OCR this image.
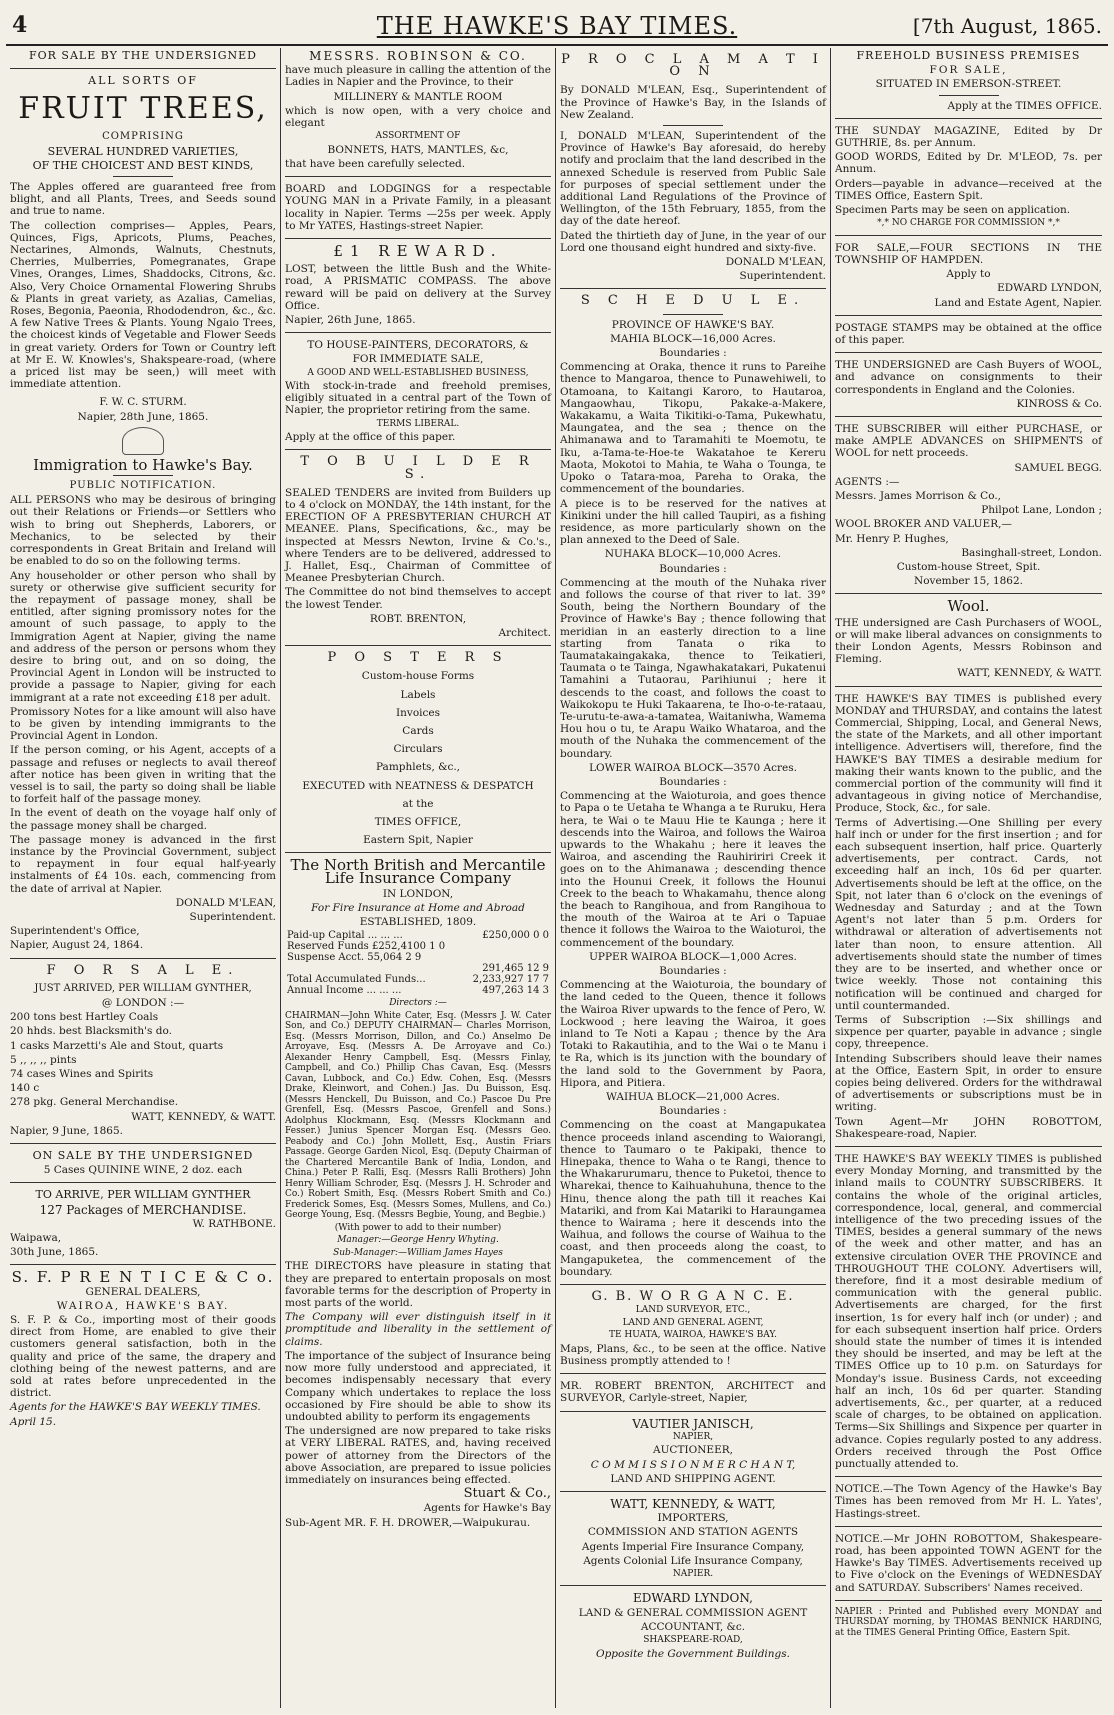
4	THE HAWKE'S BAY TIMES.	[7th August, 1865.

FOR SALE BY THE UNDERSIGNED

ALL SORTS OF

FRUIT TREES,

COMPRISING

SEVERAL HUNDRED VARIETIES,

OF THE CHOICEST AND BEST KINDS,

The Apples offered are guaranteed free from blight, and all Plants, Trees, and Seeds sound and true to name.

The collection comprises— Apples, Pears, Quinces, Figs, Apricots, Plums, Peaches, Nectarines, Almonds, Walnuts, Chestnuts, Cherries, Mulberries, Pomegranates, Grape Vines, Oranges, Limes, Shaddocks, Citrons, &c. Also, Very Choice Ornamental Flowering Shrubs & Plants in great variety, as Azalias, Camelias, Roses, Begonia, Paeonia, Rhododendron, &c., &c. A few Native Trees & Plants. Young Ngaio Trees, the choicest kinds of Vegetable and Flower Seeds in great variety. Orders for Town or Country left at Mr E. W. Knowles's, Shakspeare-road, (where a priced list may be seen,) will meet with immediate attention.

F. W. C. STURM.

Napier, 28th June, 1865.

Immigration to Hawke's Bay.

PUBLIC NOTIFICATION.

ALL PERSONS who may be desirous of bringing out their Relations or Friends—or Settlers who wish to bring out Shepherds, Laborers, or Mechanics, to be selected by their correspondents in Great Britain and Ireland will be enabled to do so on the following terms.

Any householder or other person who shall by surety or otherwise give sufficient security for the repayment of passage money, shall be entitled, after signing promissory notes for the amount of such passage, to apply to the Immigration Agent at Napier, giving the name and address of the person or persons whom they desire to bring out, and on so doing, the Provincial Agent in London will be instructed to provide a passage to Napier, giving for each immigrant at a rate not exceeding £18 per adult.

Promissory Notes for a like amount will also have to be given by intending immigrants to the Provincial Agent in London.

If the person coming, or his Agent, accepts of a passage and refuses or neglects to avail thereof after notice has been given in writing that the vessel is to sail, the party so doing shall be liable to forfeit half of the passage money.

In the event of death on the voyage half only of the passage money shall be charged.

The passage money is advanced in the first instance by the Provincial Government, subject to repayment in four equal half-yearly instalments of £4 10s. each, commencing from the date of arrival at Napier.

DONALD M'LEAN,

Superintendent.

Superintendent's Office,

Napier, August 24, 1864.

F O R S A L E.

JUST ARRIVED, PER WILLIAM GYNTHER,

@ LONDON :—

200 tons best Hartley Coals

20 hhds. best Blacksmith's do.

1 casks Marzetti's Ale and Stout, quarts

5 ,, ,, ,, pints

74 cases Wines and Spirits

140 c

278 pkg. General Merchandise.

WATT, KENNEDY, & WATT.

Napier, 9 June, 1865.

ON SALE BY THE UNDERSIGNED

5 Cases QUININE WINE, 2 doz. each

TO ARRIVE, PER WILLIAM GYNTHER

127 Packages of MERCHANDISE.

W. RATHBONE.

Waipawa,

30th June, 1865.

S. F. P R E N T I C E & C o.

GENERAL DEALERS,

WAIROA, HAWKE'S BAY.

S. F. P. & Co., importing most of their goods direct from Home, are enabled to give their customers general satisfaction, both in the quality and price of the same, the drapery and clothing being of the newest patterns, and are sold at rates before unprecedented in the district.

Agents for the HAWKE'S BAY WEEKLY TIMES.

April 15.

MESSRS. ROBINSON & CO.

have much pleasure in calling the attention of the Ladies in Napier and the Province, to their

MILLINERY & MANTLE ROOM

which is now open, with a very choice and elegant

ASSORTMENT OF

BONNETS, HATS, MANTLES, &c,

that have been carefully selected.

BOARD and LODGINGS for a respectable YOUNG MAN in a Private Family, in a pleasant locality in Napier. Terms —25s per week. Apply to Mr YATES, Hastings-street Napier.

£1 REWARD.

LOST, between the little Bush and the White-road, A PRISMATIC COMPASS. The above reward will be paid on delivery at the Survey Office.

Napier, 26th June, 1865.

TO HOUSE-PAINTERS, DECORATORS, &

FOR IMMEDIATE SALE,

A GOOD AND WELL-ESTABLISHED BUSINESS,

With stock-in-trade and freehold premises, eligibly situated in a central part of the Town of Napier, the proprietor retiring from the same.

TERMS LIBERAL.

Apply at the office of this paper.

T O B U I L D E R S.

SEALED TENDERS are invited from Builders up to 4 o'clock on MONDAY, the 14th instant, for the ERECTION OF A PRESBYTERIAN CHURCH AT MEANEE. Plans, Specifications, &c., may be inspected at Messrs Newton, Irvine & Co.'s., where Tenders are to be delivered, addressed to J. Hallet, Esq., Chairman of Committee of Meanee Presbyterian Church.

The Committee do not bind themselves to accept the lowest Tender.

ROBT. BRENTON,

Architect.

P O S T E R S

Custom-house Forms

Labels

Invoices

Cards

Circulars

Pamphlets, &c.,

EXECUTED with NEATNESS & DESPATCH

at the

TIMES OFFICE,

Eastern Spit, Napier

The North British and Mercantile Life Insurance Company

IN LONDON,

For Fire Insurance at Home and Abroad

ESTABLISHED, 1809.

Paid-up Capital ... ... ...	£250,000 0 0
Reserved Funds £252,4100 1 0	
Suspense Acct. 55,064 2 9	
	291,465 12 9
Total Accumulated Funds...	2,233,927 17 7
Annual Income ... ... ...	497,263 14 3

Directors :—

CHAIRMAN—John White Cater, Esq. (Messrs J. W. Cater Son, and Co.) DEPUTY CHAIRMAN— Charles Morrison, Esq. (Messrs Morrison, Dillon, and Co.) Anselmo De Arroyave, Esq. (Messrs A. De Arroyave and Co.) Alexander Henry Campbell, Esq. (Messrs Finlay, Campbell, and Co.) Phillip Chas Cavan, Esq. (Messrs Cavan, Lubbock, and Co.) Edw. Cohen, Esq. (Messrs Drake, Kleinwort, and Cohen.) Jas. Du Buisson, Esq. (Messrs Henckell, Du Buisson, and Co.) Pascoe Du Pre Grenfell, Esq. (Messrs Pascoe, Grenfell and Sons.) Adolphus Klockmann, Esq. (Messrs Klockmann and Fesser.) Junius Spencer Morgan Esq. (Messrs Geo. Peabody and Co.) John Mollett, Esq., Austin Friars Passage. George Garden Nicol, Esq. (Deputy Chairman of the Chartered Mercantile Bank of India, London, and China.) Peter P. Ralli, Esq. (Messrs Ralli Brothers) John Henry William Schroder, Esq. (Messrs J. H. Schroder and Co.) Robert Smith, Esq. (Messrs Robert Smith and Co.) Frederick Somes, Esq. (Messrs Somes, Mullens, and Co.) George Young, Esq. (Messrs Begbie, Young, and Begbie.)

(With power to add to their number)

Manager:—George Henry Whyting.

Sub-Manager:—William James Hayes

THE DIRECTORS have pleasure in stating that they are prepared to entertain proposals on most favorable terms for the description of Property in most parts of the world.

The Company will ever distinguish itself in it promptitude and liberality in the settlement of claims.

The importance of the subject of Insurance being now more fully understood and appreciated, it becomes indispensably necessary that every Company which undertakes to replace the loss occasioned by Fire should be able to show its undoubted ability to perform its engagements

The undersigned are now prepared to take risks at VERY LIBERAL RATES, and, having received power of attorney from the Directors of the above Association, are prepared to issue policies immediately on insurances being effected.

Stuart & Co.,

Agents for Hawke's Bay

Sub-Agent MR. F. H. DROWER,—Waipukurau.

P R O C L A M A T I O N

By DONALD M'LEAN, Esq., Superintendent of the Province of Hawke's Bay, in the Islands of New Zealand.

I, DONALD M'LEAN, Superintendent of the Province of Hawke's Bay aforesaid, do hereby notify and proclaim that the land described in the annexed Schedule is reserved from Public Sale for purposes of special settlement under the additional Land Regulations of the Province of Wellington, of the 15th February, 1855, from the day of the date hereof.

Dated the thirtieth day of June, in the year of our Lord one thousand eight hundred and sixty-five.

DONALD M'LEAN,

Superintendent.

S C H E D U L E.

PROVINCE OF HAWKE'S BAY.

MAHIA BLOCK—16,000 Acres.

Boundaries :

Commencing at Oraka, thence it runs to Pareihe thence to Mangaroa, thence to Punawehiweli, to Otamoana, to Kaitangi Karoro, to Hautaroa, Mangaowhau, Tikopu, Pakake-a-Makere, Wakakamu, a Waita Tikitiki-o-Tama, Pukewhatu, Maungatea, and the sea ; thence on the Ahimanawa and to Taramahiti te Moemotu, te Iku, a-Tama-te-Hoe-te Wakatahoe te Kereru Maota, Mokotoi to Mahia, te Waha o Tounga, te Upoko o Tatara-moa, Pareha to Oraka, the commencement of the boundaries.

A piece is to be reserved for the natives at Kinikini under the hill called Taupiri, as a fishing residence, as more particularly shown on the plan annexed to the Deed of Sale.

NUHAKA BLOCK—10,000 Acres.

Boundaries :

Commencing at the mouth of the Nuhaka river and follows the course of that river to lat. 39° South, being the Northern Boundary of the Province of Hawke's Bay ; thence following that meridian in an easterly direction to a line starting from Tanata o rika to Taumatakaingakaka, thence to Teikatieri, Taumata o te Tainga, Ngawhakatakari, Pukatenui Tamahini a Tutaorau, Parihiunui ; here it descends to the coast, and follows the coast to Waikokopu te Huki Takaarena, te Iho-o-te-rataau, Te-urutu-te-awa-a-tamatea, Waitaniwha, Wamema Hou hou o tu, te Arapu Waiko Whataroa, and the mouth of the Nuhaka the commencement of the boundary.

LOWER WAIROA BLOCK—3570 Acres.

Boundaries :

Commencing at the Waioturoia, and goes thence to Papa o te Uetaha te Whanga a te Ruruku, Hera hera, te Wai o te Mauu Hie te Kaunga ; here it descends into the Wairoa, and follows the Wairoa upwards to the Whakahu ; here it leaves the Wairoa, and ascending the Rauhiririri Creek it goes on to the Ahimanawa ; descending thence into the Hounui Creek, it follows the Hounui Creek to the beach to Whakamahu, thence along the beach to Rangihoua, and from Rangihoua to the mouth of the Wairoa at te Ari o Tapuae thence it follows the Wairoa to the Waioturoi, the commencement of the boundary.

UPPER WAIROA BLOCK—1,000 Acres.

Boundaries :

Commencing at the Waioturoia, the boundary of the land ceded to the Queen, thence it follows the Wairoa River upwards to the fence of Pero, W. Lockwood ; here leaving the Wairoa, it goes inland to Te Noti a Kapau ; thence by the Ara Totaki to Rakautihia, and to the Wai o te Manu i te Ra, which is its junction with the boundary of the land sold to the Government by Paora, Hipora, and Pitiera.

WAIHUA BLOCK—21,000 Acres.

Boundaries :

Commencing on the coast at Mangapukatea thence proceeds inland ascending to Waiorangi, thence to Taumaro o te Pakipaki, thence to Hinepaka, thence to Waha o te Rangi, thence to the Whakarurumaru, thence to Puketoi, thence to Wharekai, thence to Kaihuahuhuna, thence to the Hinu, thence along the path till it reaches Kai Matariki, and from Kai Matariki to Haraungamea thence to Wairama ; here it descends into the Waihua, and follows the course of Waihua to the coast, and then proceeds along the coast, to Mangapuketea, the commencement of the boundary.

G. B. W O R G A N C. E.

LAND SURVEYOR, ETC.,

LAND AND GENERAL AGENT,

TE HUATA, WAIROA, HAWKE'S BAY.

Maps, Plans, &c., to be seen at the office. Native Business promptly attended to !

MR. ROBERT BRENTON, ARCHITECT and SURVEYOR, Carlyle-street, Napier,

VAUTIER JANISCH,

NAPIER,

AUCTIONEER,

C O M M I S S I O N M E R C H A N T,

LAND AND SHIPPING AGENT.

WATT, KENNEDY, & WATT,

IMPORTERS,

COMMISSION AND STATION AGENTS

Agents Imperial Fire Insurance Company,

Agents Colonial Life Insurance Company,

NAPIER.

EDWARD LYNDON,

LAND & GENERAL COMMISSION AGENT

ACCOUNTANT, &c.

SHAKSPEARE-ROAD,

Opposite the Government Buildings.

FREEHOLD BUSINESS PREMISES

FOR SALE,

SITUATED IN EMERSON-STREET.

Apply at the TIMES OFFICE.

THE SUNDAY MAGAZINE, Edited by Dr GUTHRIE, 8s. per Annum.

GOOD WORDS, Edited by Dr. M'LEOD, 7s. per Annum.

Orders—payable in advance—received at the TIMES Office, Eastern Spit.

Specimen Parts may be seen on application.

*,* NO CHARGE FOR COMMISSION *,*

FOR SALE,—FOUR SECTIONS IN THE TOWNSHIP OF HAMPDEN.

Apply to

EDWARD LYNDON,

Land and Estate Agent, Napier.

POSTAGE STAMPS may be obtained at the office of this paper.

THE UNDERSIGNED are Cash Buyers of WOOL, and advance on consignments to their correspondents in England and the Colonies.

KINROSS & Co.

THE SUBSCRIBER will either PURCHASE, or make AMPLE ADVANCES on SHIPMENTS of WOOL for nett proceeds.

SAMUEL BEGG.

AGENTS :—

Messrs. James Morrison & Co.,

Philpot Lane, London ;

WOOL BROKER AND VALUER,—

Mr. Henry P. Hughes,

Basinghall-street, London.

Custom-house Street, Spit.

November 15, 1862.

Wool.

THE undersigned are Cash Purchasers of WOOL, or will make liberal advances on consignments to their London Agents, Messrs Robinson and Fleming.

WATT, KENNEDY, & WATT.

THE HAWKE'S BAY TIMES is published every MONDAY and THURSDAY, and contains the latest Commercial, Shipping, Local, and General News, the state of the Markets, and all other important intelligence. Advertisers will, therefore, find the HAWKE'S BAY TIMES a desirable medium for making their wants known to the public, and the commercial portion of the community will find it advantageous in giving notice of Merchandise, Produce, Stock, &c., for sale.

Terms of Advertising.—One Shilling per every half inch or under for the first insertion ; and for each subsequent insertion, half price. Quarterly advertisements, per contract. Cards, not exceeding half an inch, 10s 6d per quarter. Advertisements should be left at the office, on the Spit, not later than 6 o'clock on the evenings of Wednesday and Saturday ; and at the Town Agent's not later than 5 p.m. Orders for withdrawal or alteration of advertisements not later than noon, to ensure attention. All advertisements should state the number of times they are to be inserted, and whether once or twice weekly. Those not containing this notification will be continued and charged for until countermanded.

Terms of Subscription :—Six shillings and sixpence per quarter, payable in advance ; single copy, threepence.

Intending Subscribers should leave their names at the Office, Eastern Spit, in order to ensure copies being delivered. Orders for the withdrawal of advertisements or subscriptions must be in writing.

Town Agent—Mr JOHN ROBOTTOM, Shakespeare-road, Napier.

THE HAWKE'S BAY WEEKLY TIMES is published every Monday Morning, and transmitted by the inland mails to COUNTRY SUBSCRIBERS. It contains the whole of the original articles, correspondence, local, general, and commercial intelligence of the two preceding issues of the TIMES, besides a general summary of the news of the week and other matter, and has an extensive circulation OVER THE PROVINCE and THROUGHOUT THE COLONY. Advertisers will, therefore, find it a most desirable medium of communication with the general public. Advertisements are charged, for the first insertion, 1s for every half inch (or under) ; and for each subsequent insertion half price. Orders should state the number of times it is intended they should be inserted, and may be left at the TIMES Office up to 10 p.m. on Saturdays for Monday's issue. Business Cards, not exceeding half an inch, 10s 6d per quarter. Standing advertisements, &c., per quarter, at a reduced scale of charges, to be obtained on application. Terms—Six Shillings and Sixpence per quarter in advance. Copies regularly posted to any address. Orders received through the Post Office punctually attended to.

NOTICE.—The Town Agency of the Hawke's Bay Times has been removed from Mr H. L. Yates', Hastings-street.

NOTICE.—Mr JOHN ROBOTTOM, Shakespeare-road, has been appointed TOWN AGENT for the Hawke's Bay TIMES. Advertisements received up to Five o'clock on the Evenings of WEDNESDAY and SATURDAY. Subscribers' Names received.

NAPIER : Printed and Published every MONDAY and THURSDAY morning, by THOMAS BENNICK HARDING, at the TIMES General Printing Office, Eastern Spit.
